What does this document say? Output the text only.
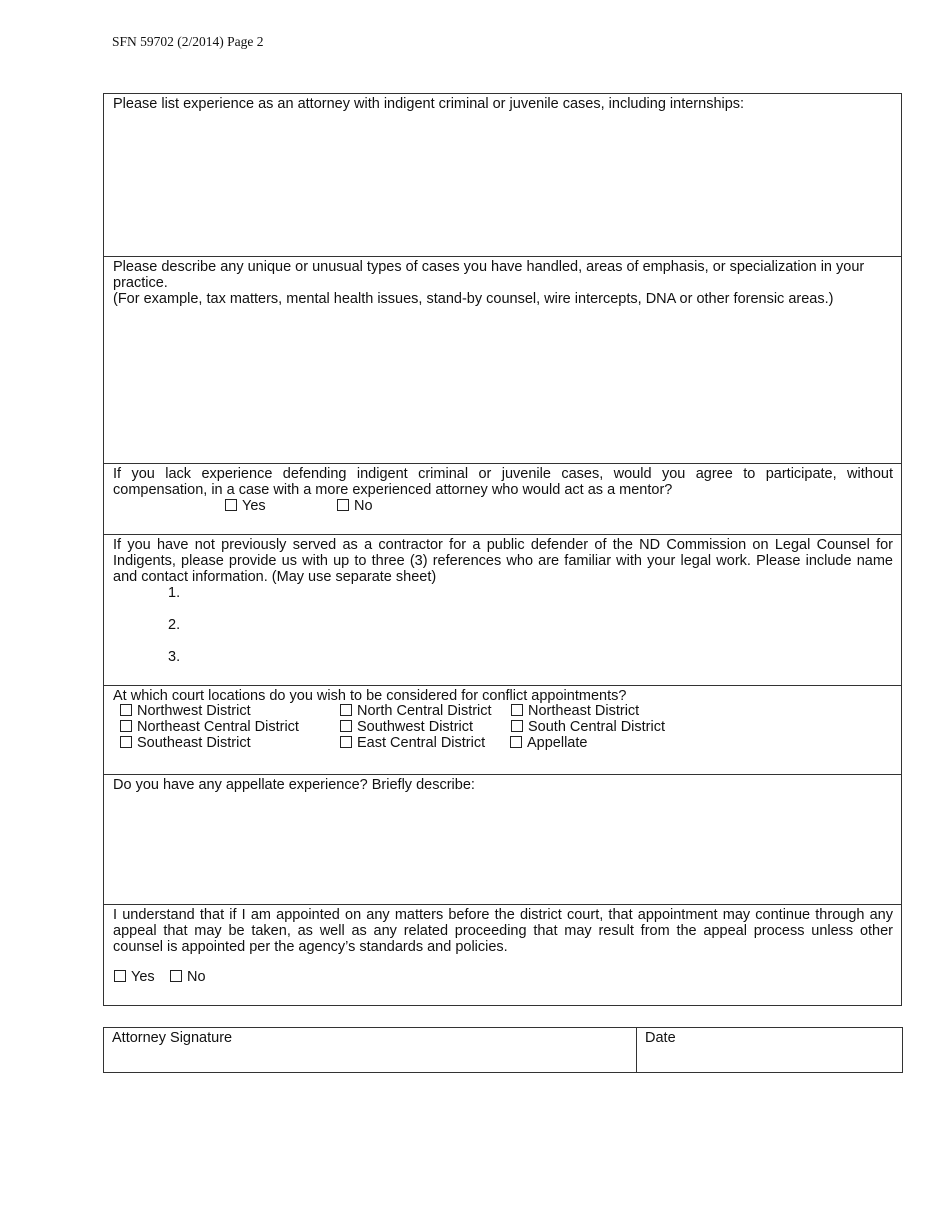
SFN 59702 (2/2014) Page 2
Please list experience as an attorney with indigent criminal or juvenile cases, including internships:
Please describe any unique or unusual types of cases you have handled, areas of emphasis, or specialization in your practice.
(For example, tax matters, mental health issues, stand-by counsel, wire intercepts, DNA or other forensic areas.)
If you lack experience defending indigent criminal or juvenile cases, would you agree to participate, without compensation, in a case with a more experienced attorney who would act as a mentor?
Yes	No
If you have not previously served as a contractor for a public defender of the ND Commission on Legal Counsel for Indigents, please provide us with up to three (3) references who are familiar with your legal work. Please include name and contact information. (May use separate sheet)
1.
2.
3.
At which court locations do you wish to be considered for conflict appointments?
Northwest District	North Central District	Northeast District
Northeast Central District	Southwest District	South Central District
Southeast District	East Central District	Appellate
Do you have any appellate experience? Briefly describe:
I understand that if I am appointed on any matters before the district court, that appointment may continue through any appeal that may be taken, as well as any related proceeding that may result from the appeal process unless other counsel is appointed per the agency’s standards and policies.
Yes	No
Attorney Signature	Date
